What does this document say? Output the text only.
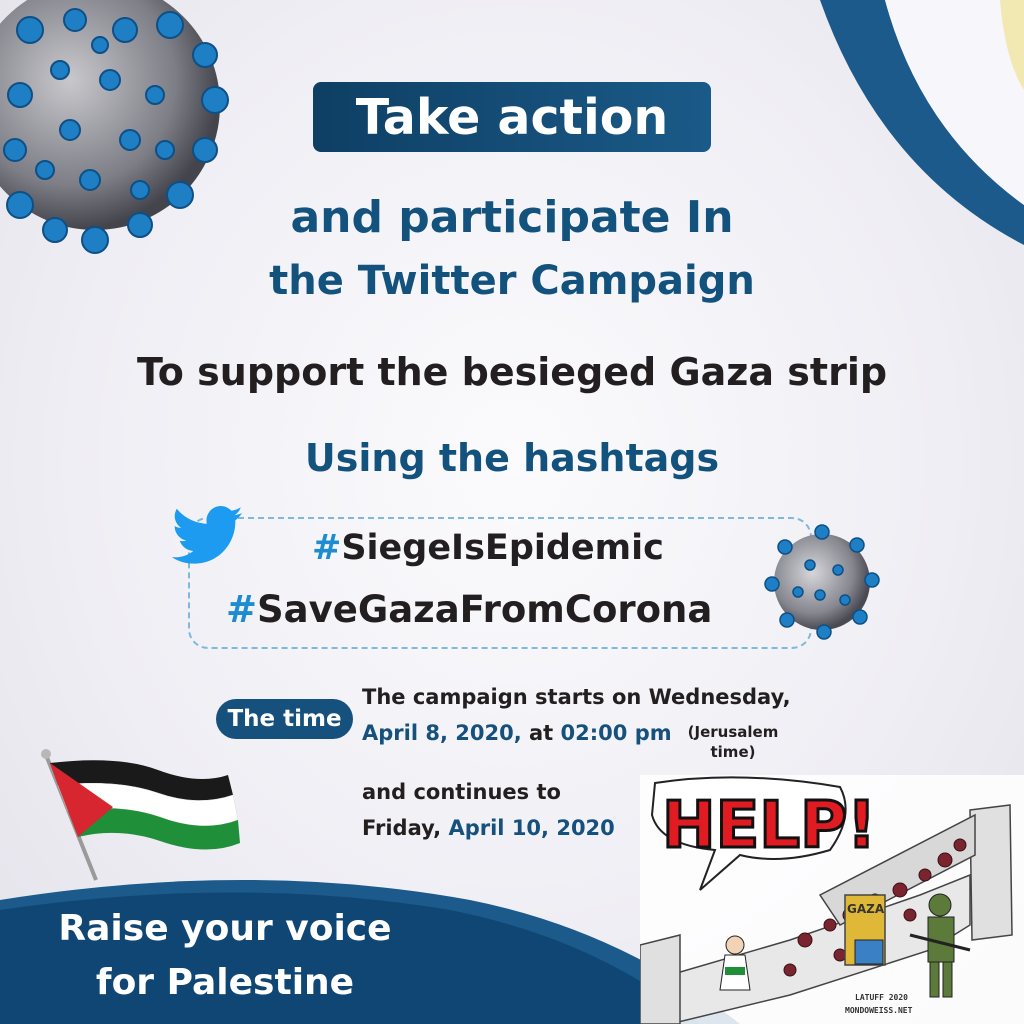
Take action
and participate In
the Twitter Campaign
To support the besieged Gaza strip
Using the hashtags
#SiegeIsEpidemic
#SaveGazaFromCorona
The time
The campaign starts on Wednesday,
April 8, 2020, at 02:00 pm	(Jerusalem
time)
and continues to
Friday, April 10, 2020
Raise your voice
for Palestine
HELP!
GAZA
LATUFF 2020
MONDOWEISS.NET
